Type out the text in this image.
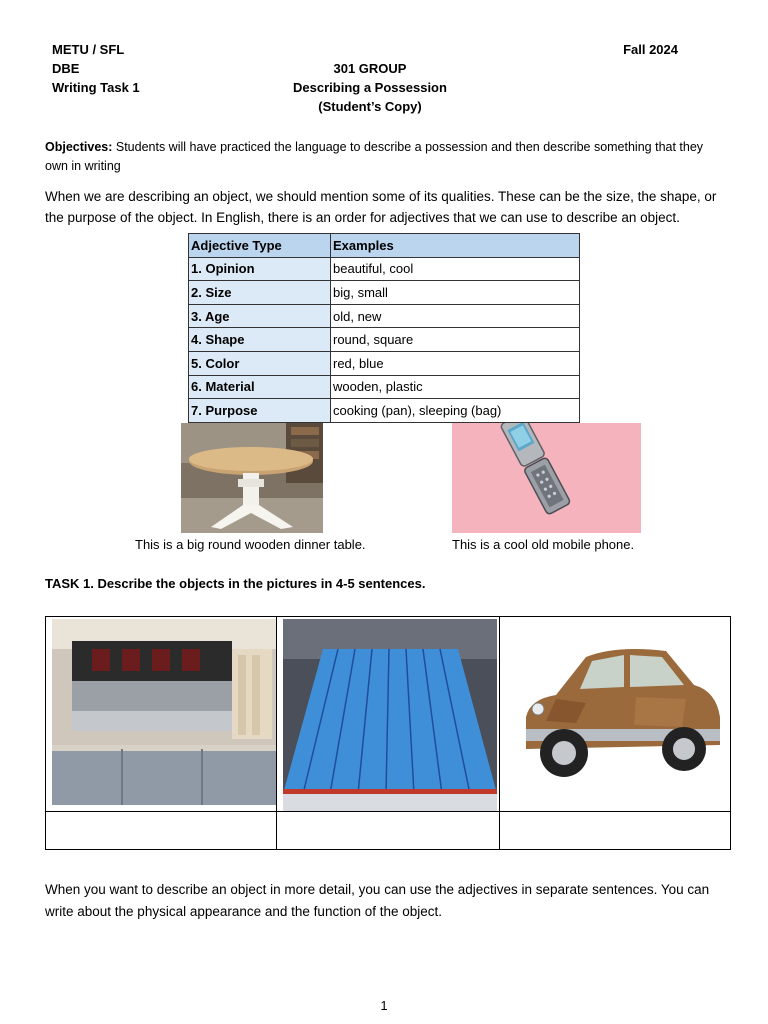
METU / SFL
DBE
Writing Task 1
301 GROUP
Describing a Possession
(Student’s Copy)
Fall 2024
Objectives: Students will have practiced the language to describe a possession and then describe something that they own in writing
When we are describing an object, we should mention some of its qualities. These can be the size, the shape, or the purpose of the object. In English, there is an order for adjectives that we can use to describe an object.
Adjective Type	Examples
1. Opinion	beautiful, cool
2. Size	big, small
3. Age	old, new
4. Shape	round, square
5. Color	red, blue
6. Material	wooden, plastic
7. Purpose	cooking (pan), sleeping (bag)
This is a big round wooden dinner table.	This is a cool old mobile phone.
TASK 1. Describe the objects in the pictures in 4-5 sentences.
When you want to describe an object in more detail, you can use the adjectives in separate sentences. You can write about the physical appearance and the function of the object.
1
